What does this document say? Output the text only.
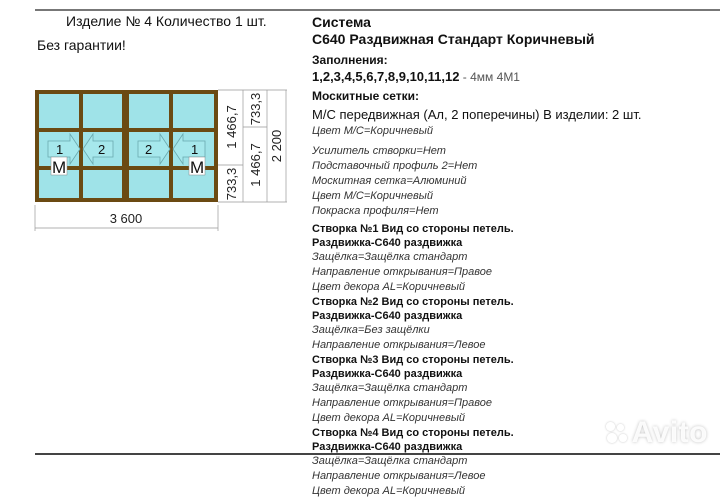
Изделие № 4 Количество 1 шт.
Без гарантии!
1	2	2	1
М	М
3 600
1 466,7
733,3
733,3
1 466,7 2 200
Система
С640 Раздвижная Стандарт Коричневый
Заполнения:
1,2,3,4,5,6,7,8,9,10,11,12 - 4мм 4М1
Москитные сетки:
М/С передвижная (Ал, 2 поперечины) В изделии: 2 шт.
Цвет М/С=Коричневый
Усилитель створки=Нет
Подставочный профиль 2=Нет
Москитная сетка=Алюминий
Цвет М/С=Коричневый
Покраска профиля=Нет
Створка №1 Вид со стороны петель.
Раздвижка-С640 раздвижка
Защёлка=Защёлка стандарт
Направление открывания=Правое
Цвет декора AL=Коричневый
Створка №2 Вид со стороны петель.
Раздвижка-С640 раздвижка
Защёлка=Без защёлки
Направление открывания=Левое
Створка №3 Вид со стороны петель.
Раздвижка-С640 раздвижка
Защёлка=Защёлка стандарт
Направление открывания=Правое
Цвет декора AL=Коричневый
Створка №4 Вид со стороны петель.
Раздвижка-С640 раздвижка
Защёлка=Защёлка стандарт
Направление открывания=Левое
Цвет декора AL=Коричневый
Avito
